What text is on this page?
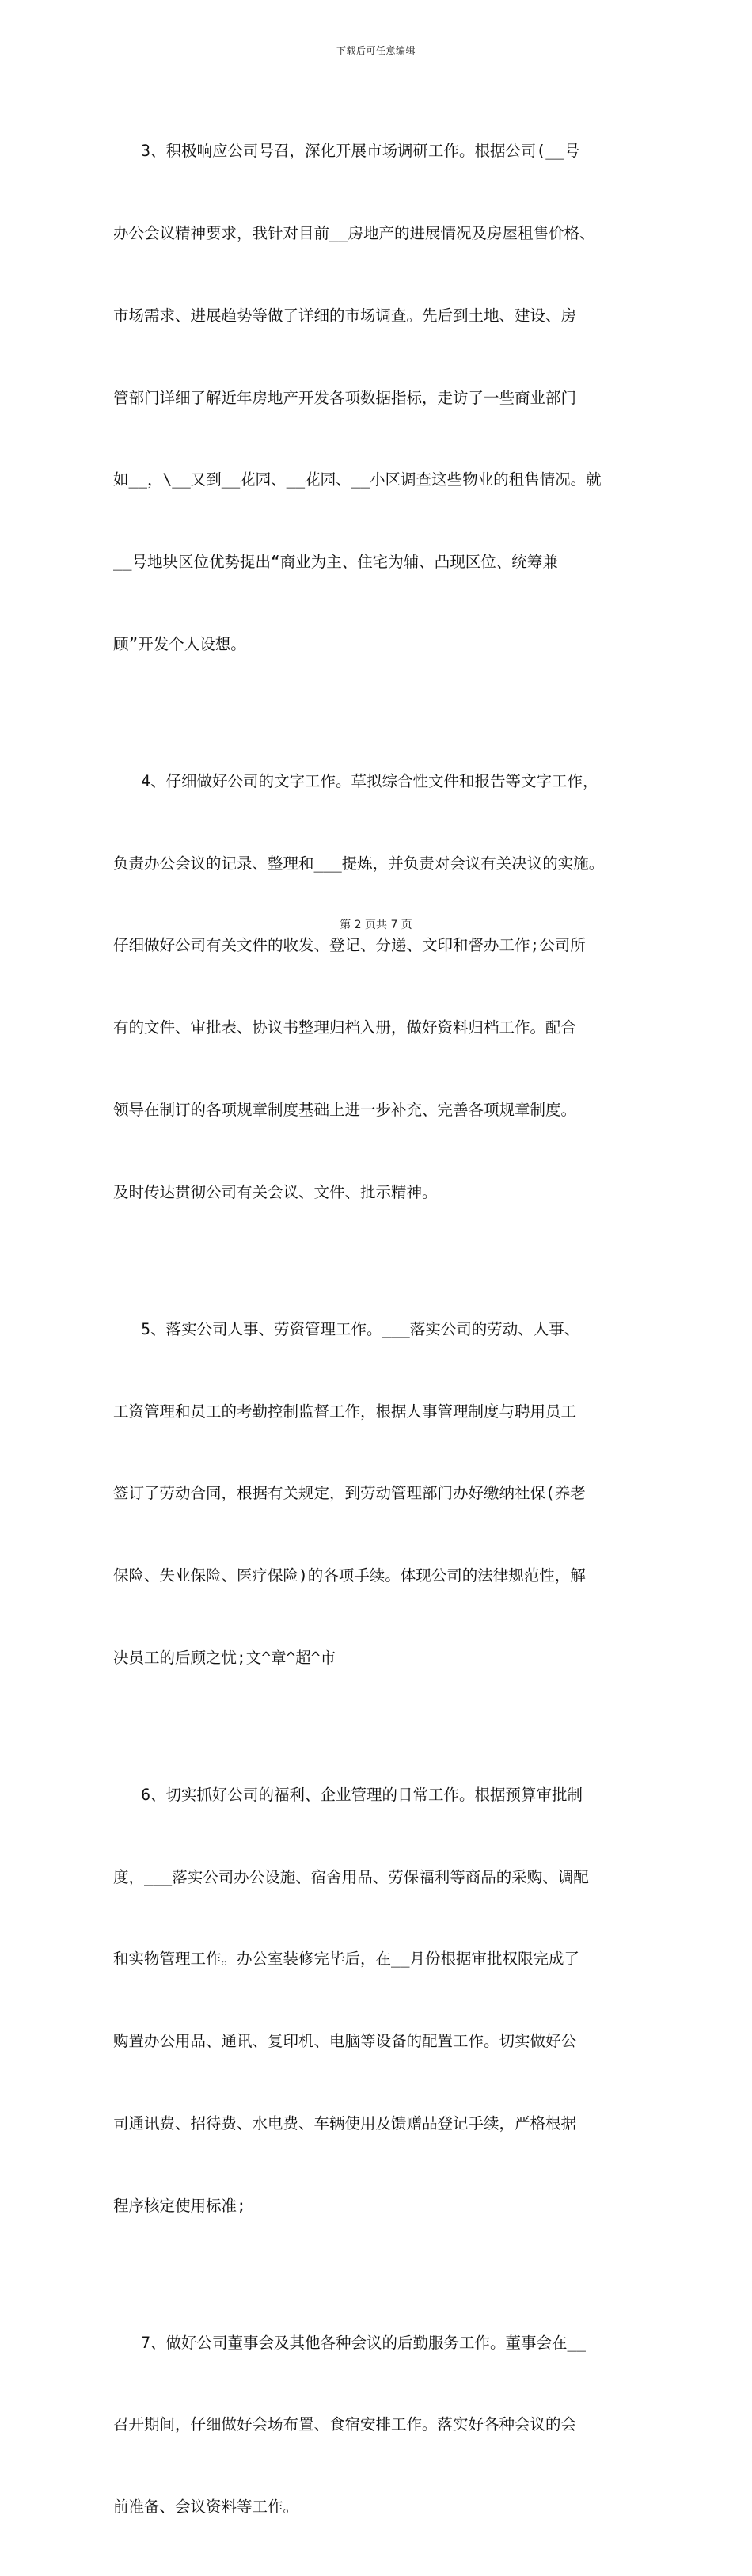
下载后可任意编辑

3、积极响应公司号召，深化开展市场调研工作。根据公司(__号

办公会议精神要求，我针对目前__房地产的进展情况及房屋租售价格、

市场需求、进展趋势等做了详细的市场调查。先后到土地、建设、房

管部门详细了解近年房地产开发各项数据指标，走访了一些商业部门

如__，\__又到__花园、__花园、__小区调查这些物业的租售情况。就

__号地块区位优势提出“商业为主、住宅为辅、凸现区位、统筹兼

顾”开发个人设想。

4、仔细做好公司的文字工作。草拟综合性文件和报告等文字工作，

负责办公会议的记录、整理和___提炼，并负责对会议有关决议的实施。

仔细做好公司有关文件的收发、登记、分递、文印和督办工作;公司所

有的文件、审批表、协议书整理归档入册，做好资料归档工作。配合

领导在制订的各项规章制度基础上进一步补充、完善各项规章制度。

及时传达贯彻公司有关会议、文件、批示精神。

5、落实公司人事、劳资管理工作。___落实公司的劳动、人事、

工资管理和员工的考勤控制监督工作，根据人事管理制度与聘用员工

签订了劳动合同，根据有关规定，到劳动管理部门办好缴纳社保(养老

保险、失业保险、医疗保险)的各项手续。体现公司的法律规范性，解

决员工的后顾之忧;文^章^超^市

6、切实抓好公司的福利、企业管理的日常工作。根据预算审批制

度，___落实公司办公设施、宿舍用品、劳保福利等商品的采购、调配

和实物管理工作。办公室装修完毕后，在__月份根据审批权限完成了

购置办公用品、通讯、复印机、电脑等设备的配置工作。切实做好公

司通讯费、招待费、水电费、车辆使用及馈赠品登记手续，严格根据

程序核定使用标准;

7、做好公司董事会及其他各种会议的后勤服务工作。董事会在__

召开期间，仔细做好会场布置、食宿安排工作。落实好各种会议的会

前准备、会议资料等工作。

第 2 页共 7 页
